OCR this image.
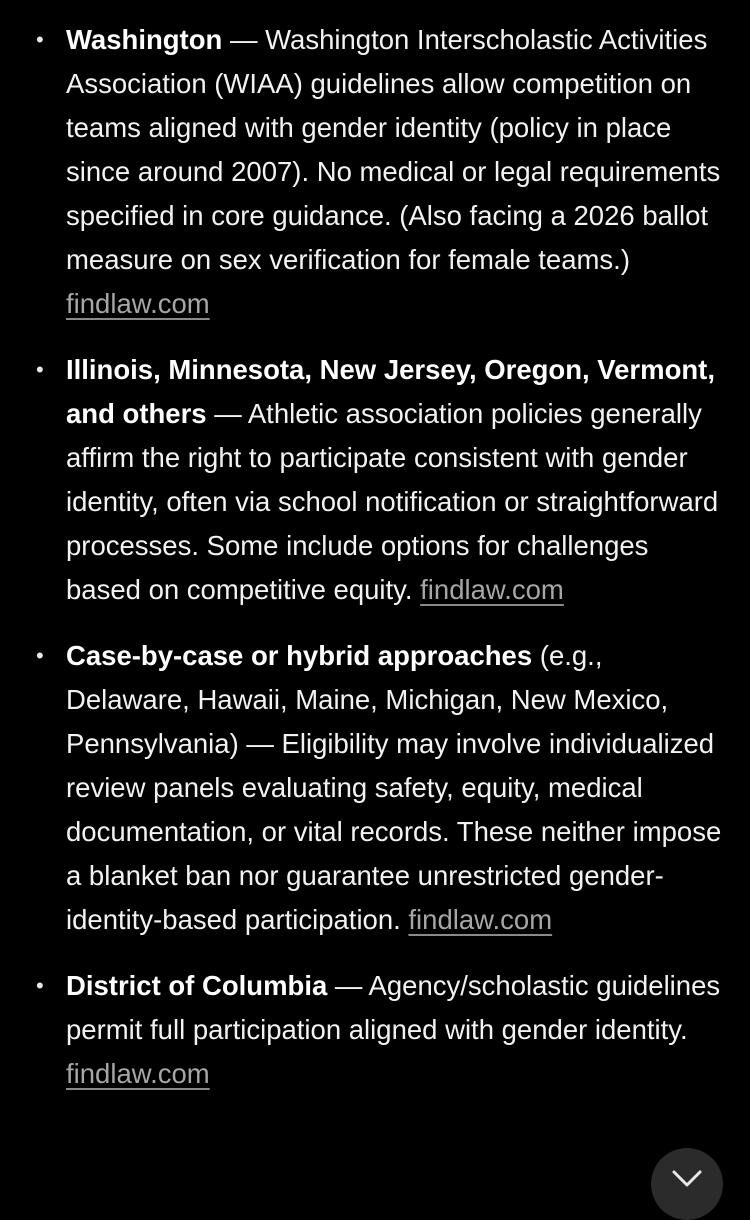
• Washington — Washington Interscholastic Activities Association (WIAA) guidelines allow competition on teams aligned with gender identity (policy in place since around 2007). No medical or legal requirements specified in core guidance. (Also facing a 2026 ballot measure on sex verification for female teams.) findlaw.com
• Illinois, Minnesota, New Jersey, Oregon, Vermont, and others — Athletic association policies generally affirm the right to participate consistent with gender identity, often via school notification or straightforward processes. Some include options for challenges based on competitive equity. findlaw.com
• Case-by-case or hybrid approaches (e.g., Delaware, Hawaii, Maine, Michigan, New Mexico, Pennsylvania) — Eligibility may involve individualized review panels evaluating safety, equity, medical documentation, or vital records. These neither impose a blanket ban nor guarantee unrestricted gender-identity-based participation. findlaw.com
• District of Columbia — Agency/scholastic guidelines permit full participation aligned with gender identity. findlaw.com
